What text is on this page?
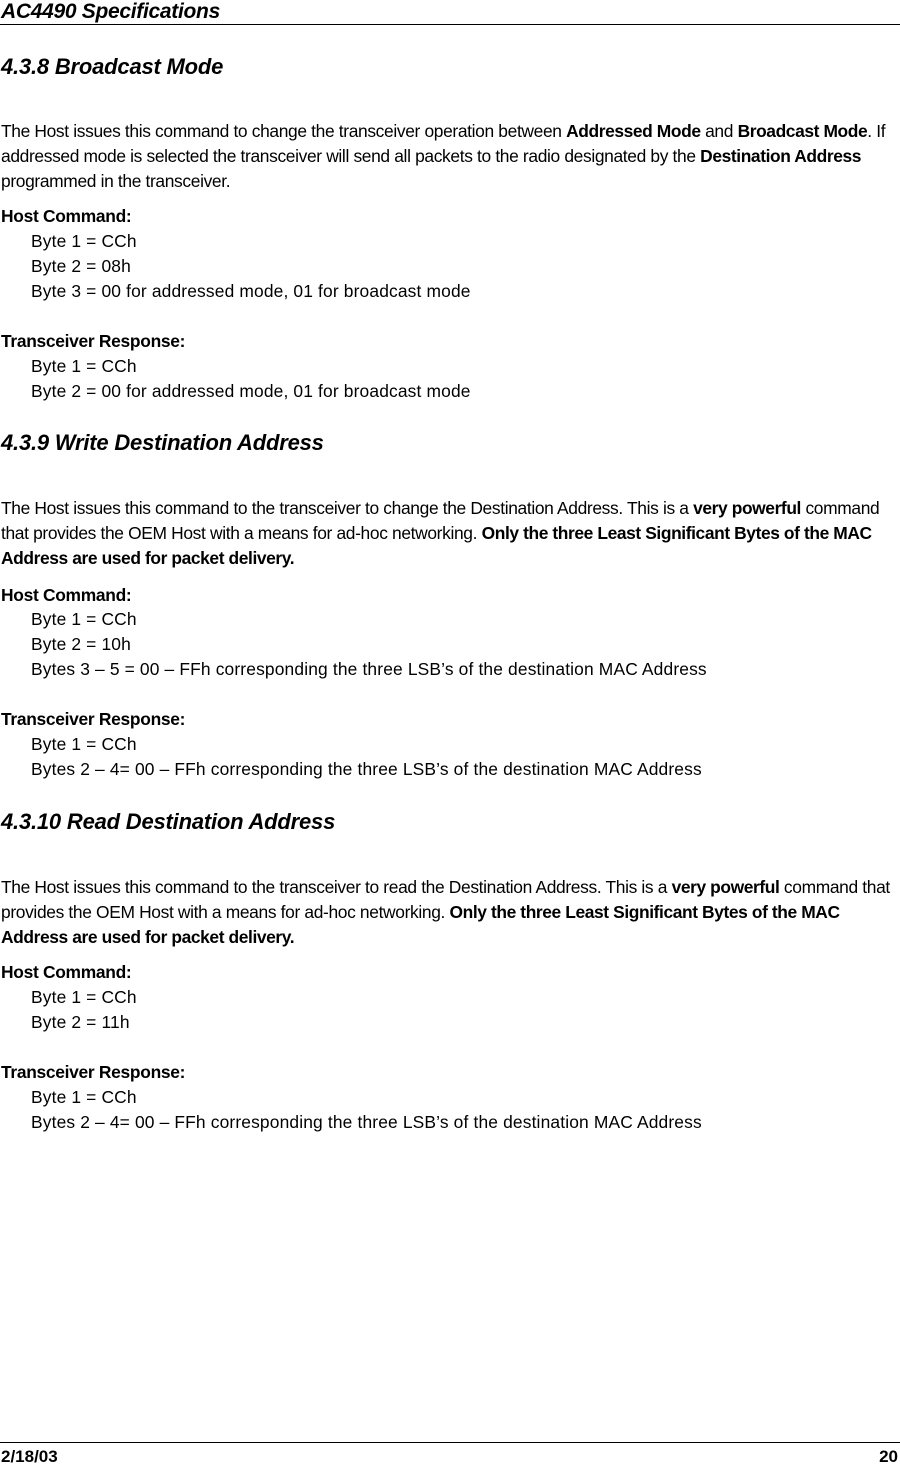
AC4490 Specifications
4.3.8 Broadcast Mode
The Host issues this command to change the transceiver operation between Addressed Mode and Broadcast Mode. If addressed mode is selected the transceiver will send all packets to the radio designated by the Destination Address programmed in the transceiver.
Host Command:
Byte 1 = CCh
Byte 2 = 08h
Byte 3 = 00 for addressed mode, 01 for broadcast mode
Transceiver Response:
Byte 1 = CCh
Byte 2 = 00 for addressed mode, 01 for broadcast mode
4.3.9 Write Destination Address
The Host issues this command to the transceiver to change the Destination Address. This is a very powerful command that provides the OEM Host with a means for ad-hoc networking. Only the three Least Significant Bytes of the MAC Address are used for packet delivery.
Host Command:
Byte 1 = CCh
Byte 2 = 10h
Bytes 3 – 5 = 00 – FFh corresponding the three LSB’s of the destination MAC Address
Transceiver Response:
Byte 1 = CCh
Bytes 2 – 4= 00 – FFh corresponding the three LSB’s of the destination MAC Address
4.3.10 Read Destination Address
The Host issues this command to the transceiver to read the Destination Address. This is a very powerful command that provides the OEM Host with a means for ad-hoc networking. Only the three Least Significant Bytes of the MAC Address are used for packet delivery.
Host Command:
Byte 1 = CCh
Byte 2 = 11h
Transceiver Response:
Byte 1 = CCh
Bytes 2 – 4= 00 – FFh corresponding the three LSB’s of the destination MAC Address
2/18/03	20
